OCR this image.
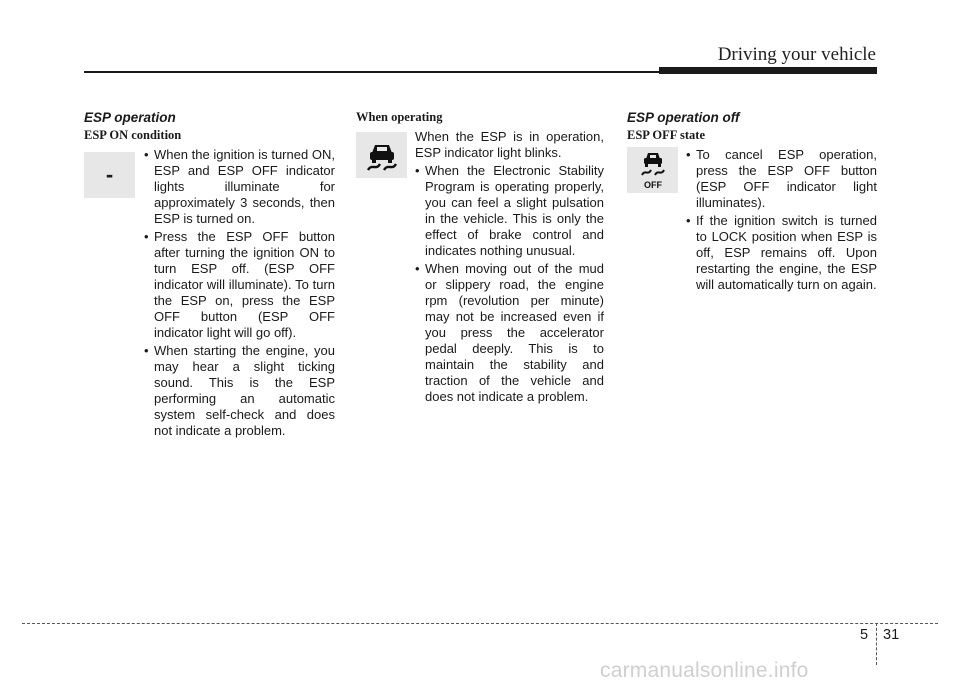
Driving your vehicle
ESP operation
ESP ON condition
-
• When the ignition is turned ON, ESP and ESP OFF indicator lights illuminate for approximately 3 seconds, then ESP is turned on.
• Press the ESP OFF button after turning the ignition ON to turn ESP off. (ESP OFF indicator will illuminate). To turn the ESP on, press the ESP OFF button (ESP OFF indicator light will go off).
• When starting the engine, you may hear a slight ticking sound. This is the ESP performing an automatic system self-check and does not indicate a problem.
When operating

When the ESP is in operation, ESP indicator light blinks.

• When the Electronic Stability Program is operating properly, you can feel a slight pulsation in the vehicle. This is only the effect of brake control and indicates nothing unusual.
• When moving out of the mud or slippery road, the engine rpm (revolution per minute) may not be increased even if you press the accelerator pedal deeply. This is to maintain the stability and traction of the vehicle and does not indicate a problem.
ESP operation off
ESP OFF state
OFF
• To cancel ESP operation, press the ESP OFF button (ESP OFF indicator light illuminates).
• If the ignition switch is turned to LOCK position when ESP is off, ESP remains off. Upon restarting the engine, the ESP will automatically turn on again.
5 31
carmanualsonline.info
